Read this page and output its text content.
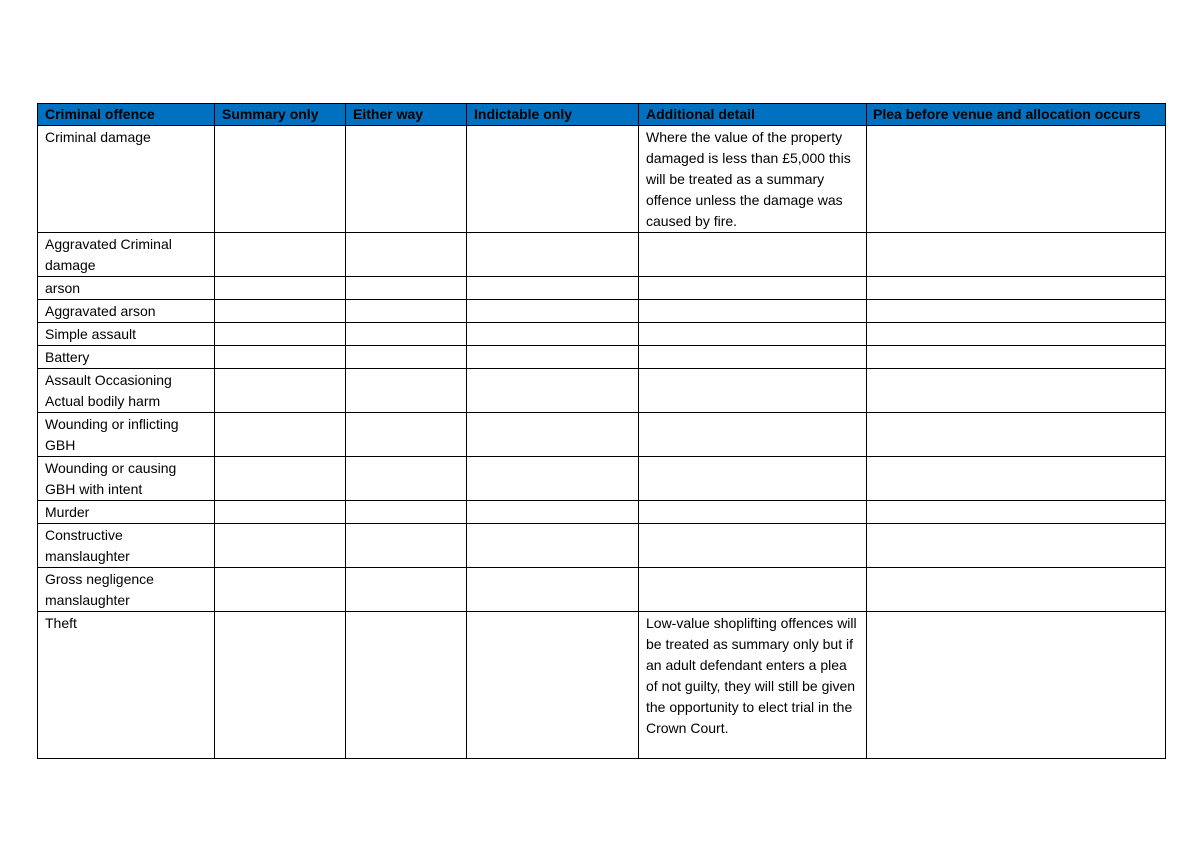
Criminal offence	Summary only	Either way	Indictable only	Additional detail	Plea before venue and allocation occurs
Criminal damage				Where the value of the property damaged is less than £5,000 this will be treated as a summary offence unless the damage was caused by fire.	
Aggravated Criminal damage					
arson					
Aggravated arson					
Simple assault					
Battery					
Assault Occasioning Actual bodily harm					
Wounding or inflicting GBH					
Wounding or causing GBH with intent					
Murder					
Constructive manslaughter					
Gross negligence manslaughter					
Theft				Low-value shoplifting offences will be treated as summary only but if an adult defendant enters a plea of not guilty, they will still be given the opportunity to elect trial in the Crown Court.	
